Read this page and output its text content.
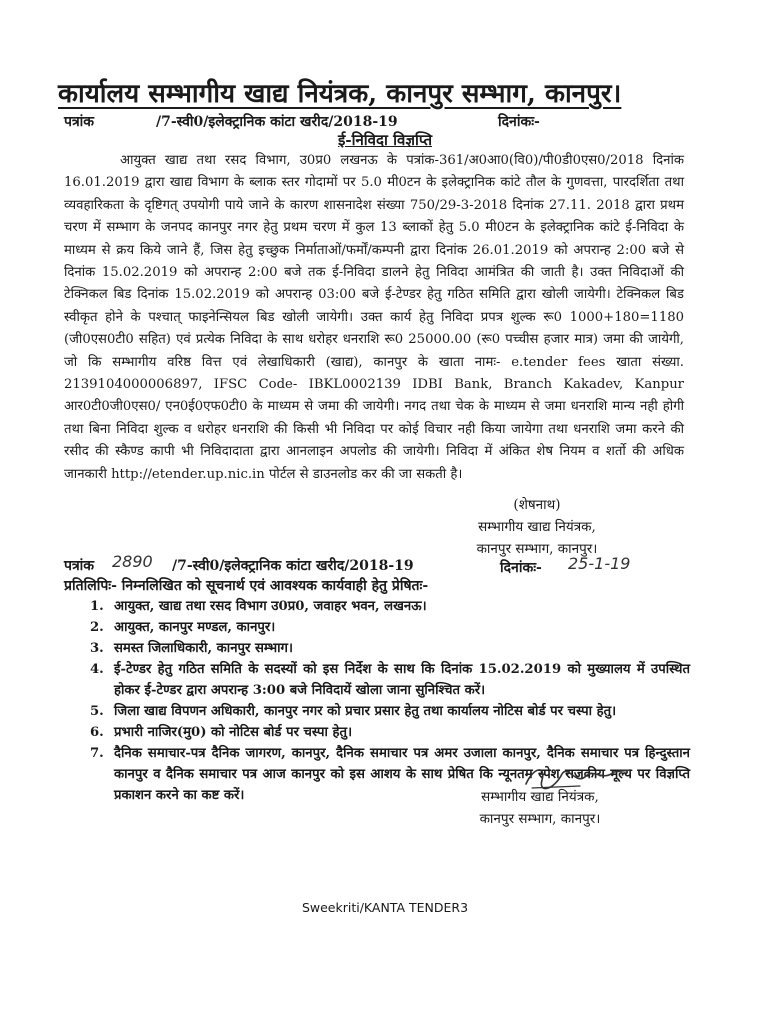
कार्यालय सम्भागीय खाद्य नियंत्रक, कानपुर सम्भाग, कानपुर।
पत्रांक	/7-स्वी0/इलेक्ट्रानिक कांटा खरीद/2018-19	दिनांकः-
ई-निविदा विज्ञप्ति

आयुक्त खाद्य तथा रसद विभाग, उ0प्र0 लखनऊ के पत्रांक-361/अ0आ0(वि0)/पी0डी0एस0/2018 दिनांक 16.01.2019 द्वारा खाद्य विभाग के ब्लाक स्तर गोदामों पर 5.0 मी0टन के इलेक्ट्रानिक कांटे तौल के गुणवत्ता, पारदर्शिता तथा व्यवहारिकता के दृष्टिगत् उपयोगी पाये जाने के कारण शासनादेश संख्या 750/29-3-2018 दिनांक 27.11. 2018 द्वारा प्रथम चरण में सम्भाग के जनपद कानपुर नगर हेतु प्रथम चरण में कुल 13 ब्लाकों हेतु 5.0 मी0टन के इलेक्ट्रानिक कांटे ई-निविदा के माध्यम से क्रय किये जाने हैं, जिस हेतु इच्छुक निर्माताओं/फर्मों/कम्पनी द्वारा दिनांक 26.01.2019 को अपरान्ह 2:00 बजे से दिनांक 15.02.2019 को अपरान्ह 2:00 बजे तक ई-निविदा डालने हेतु निविदा आमंत्रित की जाती है। उक्त निविदाओं की टेक्निकल बिड दिनांक 15.02.2019 को अपरान्ह 03:00 बजे ई-टेण्डर हेतु गठित समिति द्वारा खोली जायेगी। टेक्निकल बिड स्वीकृत होने के पश्चात् फाइनेन्सियल बिड खोली जायेगी। उक्त कार्य हेतु निविदा प्रपत्र शुल्क रू0 1000+180=1180 (जी0एस0टी0 सहित) एवं प्रत्येक निविदा के साथ धरोहर धनराशि रू0 25000.00 (रू0 पच्चीस हजार मात्र) जमा की जायेगी, जो कि सम्भागीय वरिष्ठ वित्त एवं लेखाधिकारी (खाद्य), कानपुर के खाता नामः- e.tender fees खाता संख्या. 2139104000006897, IFSC Code- IBKL0002139 IDBI Bank, Branch Kakadev, Kanpur आर0टी0जी0एस0/ एन0ई0एफ0टी0 के माध्यम से जमा की जायेगी। नगद तथा चेक के माध्यम से जमा धनराशि मान्य नही होगी तथा बिना निविदा शुल्क व धरोहर धनराशि की किसी भी निविदा पर कोई विचार नही किया जायेगा तथा धनराशि जमा करने की रसीद की स्कैण्ड कापी भी निविदादाता द्वारा आनलाइन अपलोड की जायेगी। निविदा में अंकित शेष नियम व शर्तो की अधिक जानकारी http://etender.up.nic.in पोर्टल से डाउनलोड कर की जा सकती है।

(शेषनाथ)
सम्भागीय खाद्य नियंत्रक,
कानपुर सम्भाग, कानपुर।
पत्रांक 2890 /7-स्वी0/इलेक्ट्रानिक कांटा खरीद/2018-19	दिनांकः- 25-1-19
प्रतिलिपिः- निम्नलिखित को सूचनार्थ एवं आवश्यक कार्यवाही हेतु प्रेषितः-
1. आयुक्त, खाद्य तथा रसद विभाग उ0प्र0, जवाहर भवन, लखनऊ।
2. आयुक्त, कानपुर मण्डल, कानपुर।
3. समस्त जिलाधिकारी, कानपुर सम्भाग।
4. ई-टेण्डर हेतु गठित समिति के सदस्यों को इस निर्देश के साथ कि दिनांक 15.02.2019 को मुख्यालय में उपस्थित होकर ई-टेण्डर द्वारा अपरान्ह 3:00 बजे निविदायें खोला जाना सुनिश्चित करें।
5. जिला खाद्य विपणन अधिकारी, कानपुर नगर को प्रचार प्रसार हेतु तथा कार्यालय नोटिस बोर्ड पर चस्पा हेतु।
6. प्रभारी नाजिर(मु0) को नोटिस बोर्ड पर चस्पा हेतु।
7. दैनिक समाचार-पत्र दैनिक जागरण, कानपुर, दैनिक समाचार पत्र अमर उजाला कानपुर, दैनिक समाचार पत्र हिन्दुस्तान कानपुर व दैनिक समाचार पत्र आज कानपुर को इस आशय के साथ प्रेषित कि न्यूनतम स्पेश राजकीय मूल्य पर विज्ञप्ति प्रकाशन करने का कष्ट करें।	सम्भागीय खाद्य नियंत्रक,
कानपुर सम्भाग, कानपुर।
Sweekriti/KANTA TENDER3
